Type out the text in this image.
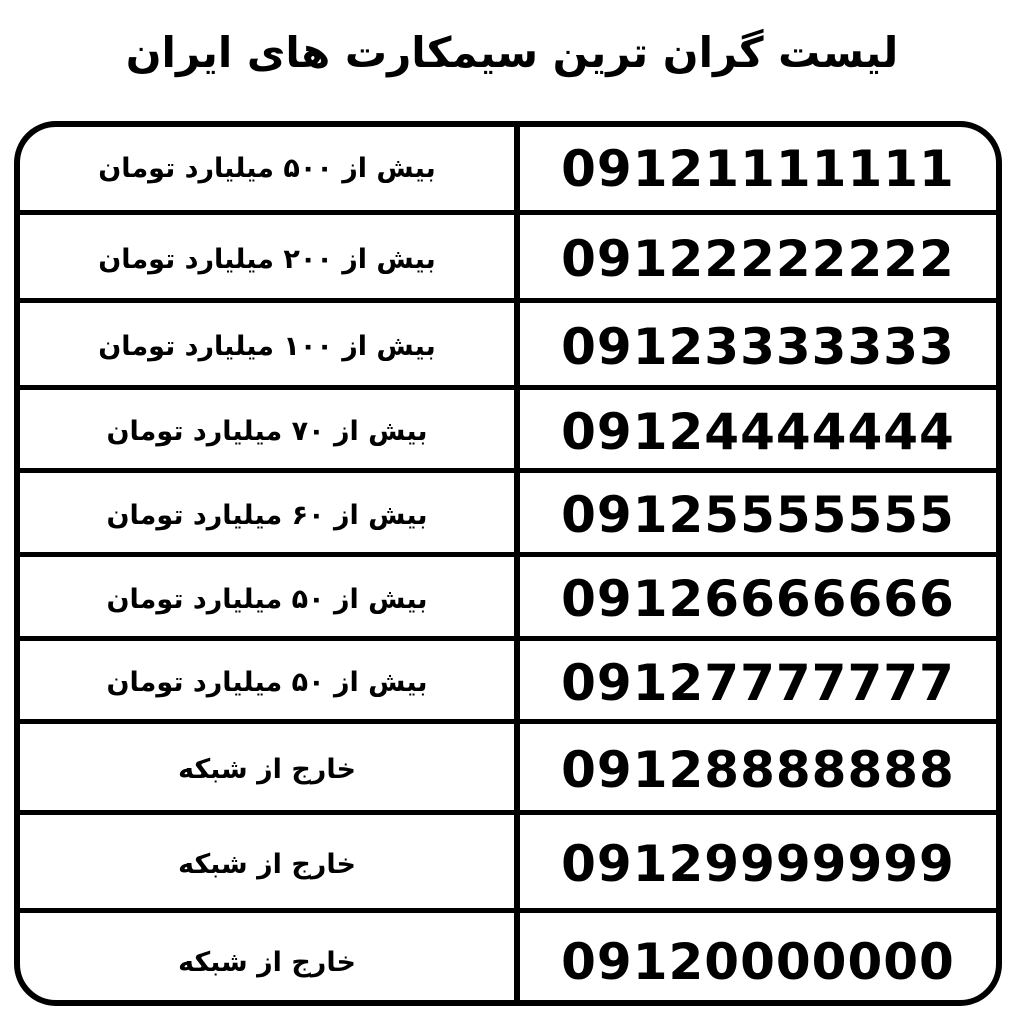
لیست گران ترین سیمکارت های ایران
بیش از ۵۰۰ میلیارد تومان	09121111111
بیش از ۲۰۰ میلیارد تومان	09122222222
بیش از ۱۰۰ میلیارد تومان	09123333333
بیش از ۷۰ میلیارد تومان	09124444444
بیش از ۶۰ میلیارد تومان	09125555555
بیش از ۵۰ میلیارد تومان	09126666666
بیش از ۵۰ میلیارد تومان	09127777777
خارج از شبکه	09128888888
خارج از شبکه	09129999999
خارج از شبکه	09120000000
